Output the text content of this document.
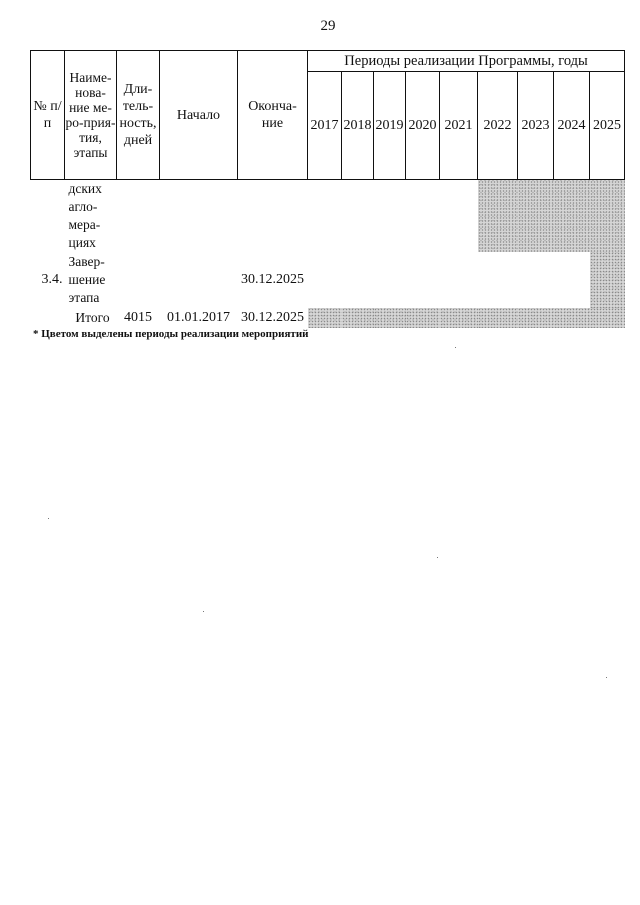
29
№ п/п	Наиме-нова-ние ме-ро-прия-тия, этапы	Дли-тель-ность, дней	Начало	Оконча-ние	Периоды реализации Программы, годы								
					2017	2018	2019	2020	2021	2022	2023	2024	2025

	дских
агло-
мера-
циях												

3.4.	Завер-
шение
этапа			30.12.2025									

	Итого	4015	01.01.2017	30.12.2025									
* Цветом выделены периоды реализации мероприятий
